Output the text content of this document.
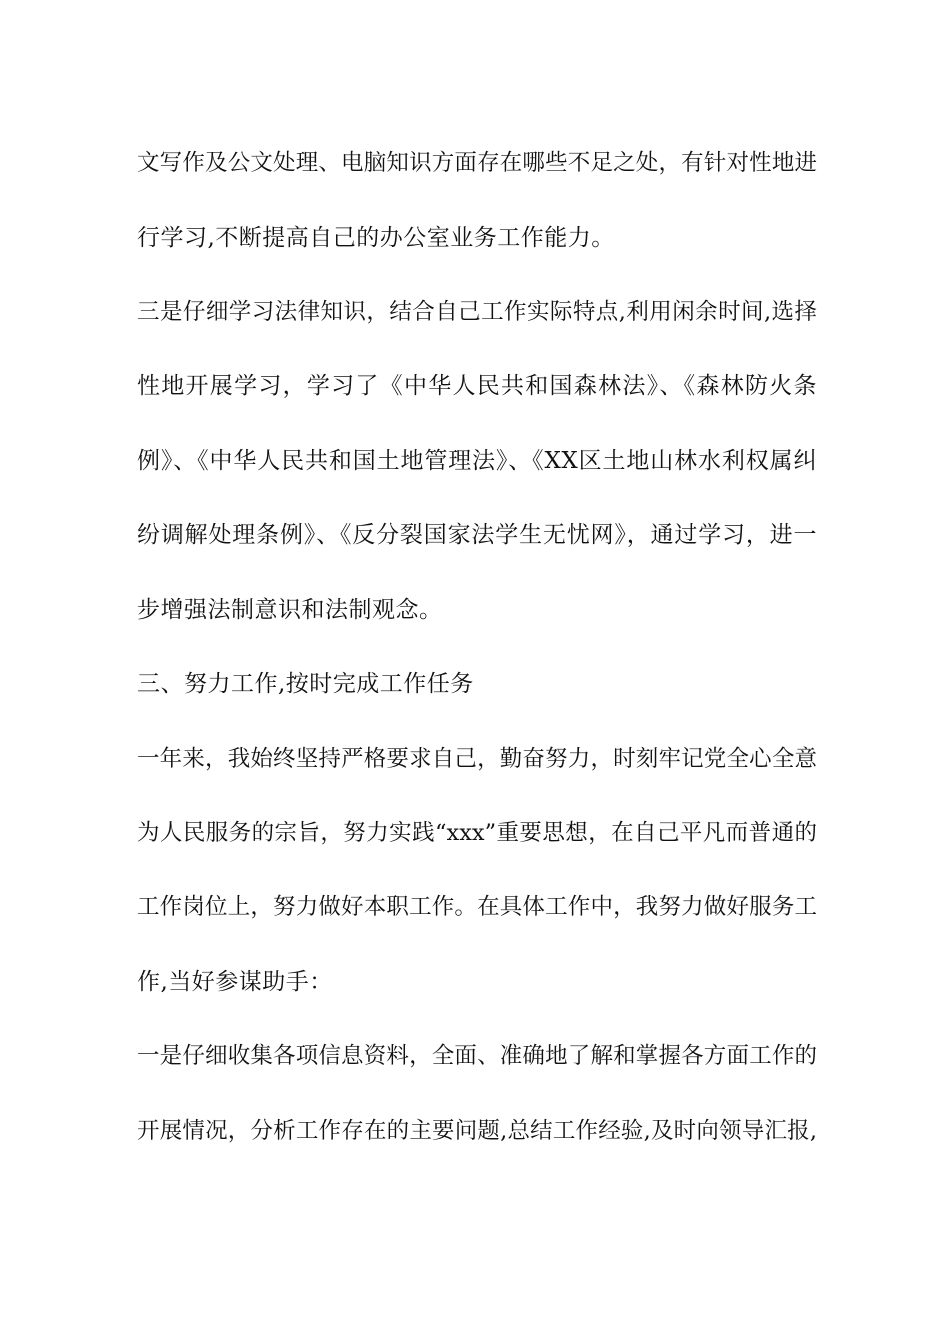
文写作及公文处理、电脑知识方面存在哪些不足之处，有针对性地进
行学习,不断提高自己的办公室业务工作能力。
三是仔细学习法律知识，结合自己工作实际特点,利用闲余时间,选择
性地开展学习，学习了《中华人民共和国森林法》、《森林防火条
例》、《中华人民共和国土地管理法》、《XX区土地山林水利权属纠
纷调解处理条例》、《反分裂国家法学生无忧网》，通过学习，进一
步增强法制意识和法制观念。
三、努力工作,按时完成工作任务
一年来，我始终坚持严格要求自己，勤奋努力，时刻牢记党全心全意
为人民服务的宗旨，努力实践“xxx”重要思想，在自己平凡而普通的
工作岗位上，努力做好本职工作。在具体工作中，我努力做好服务工
作,当好参谋助手：
一是仔细收集各项信息资料，全面、准确地了解和掌握各方面工作的
开展情况，分析工作存在的主要问题,总结工作经验,及时向领导汇报,
